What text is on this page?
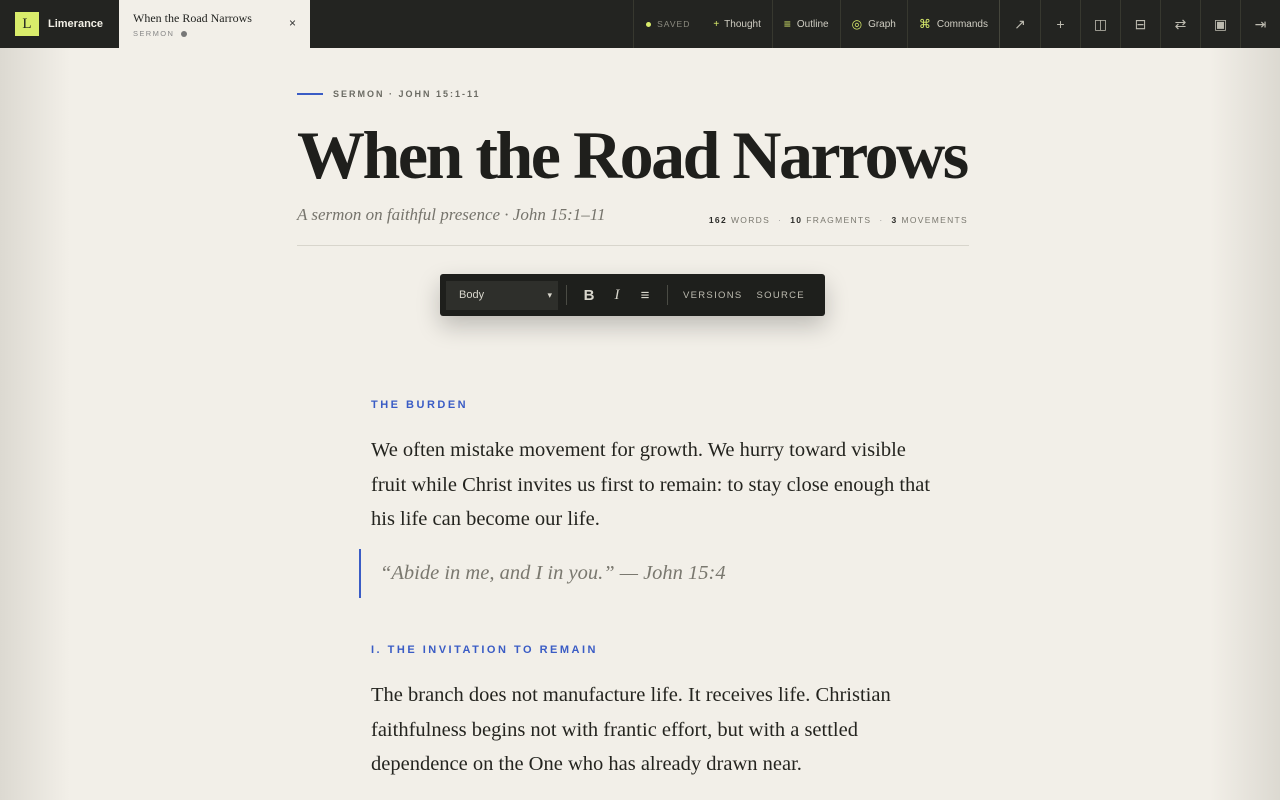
L	Limerance When the Road Narrows
SERMON
×	SAVED + Thought ≡ Outline ◎ Graph ⌘ Commands	↗	+	◫	⊟	⇄	▣	⇥
SERMON · JOHN 15:1-11
When the Road Narrows
A sermon on faithful presence · John 15:1–11	162 WORDS · 10 FRAGMENTS · 3 MOVEMENTS
Body	▾	B	I	≡	VERSIONS	SOURCE
THE BURDEN

We often mistake movement for growth. We hurry toward visible fruit while Christ invites us first to remain: to stay close enough that his life can become our life.

“Abide in me, and I in you.” — John 15:4
I. THE INVITATION TO REMAIN

The branch does not manufacture life. It receives life. Christian faithfulness begins not with frantic effort, but with a settled dependence on the One who has already drawn near.
